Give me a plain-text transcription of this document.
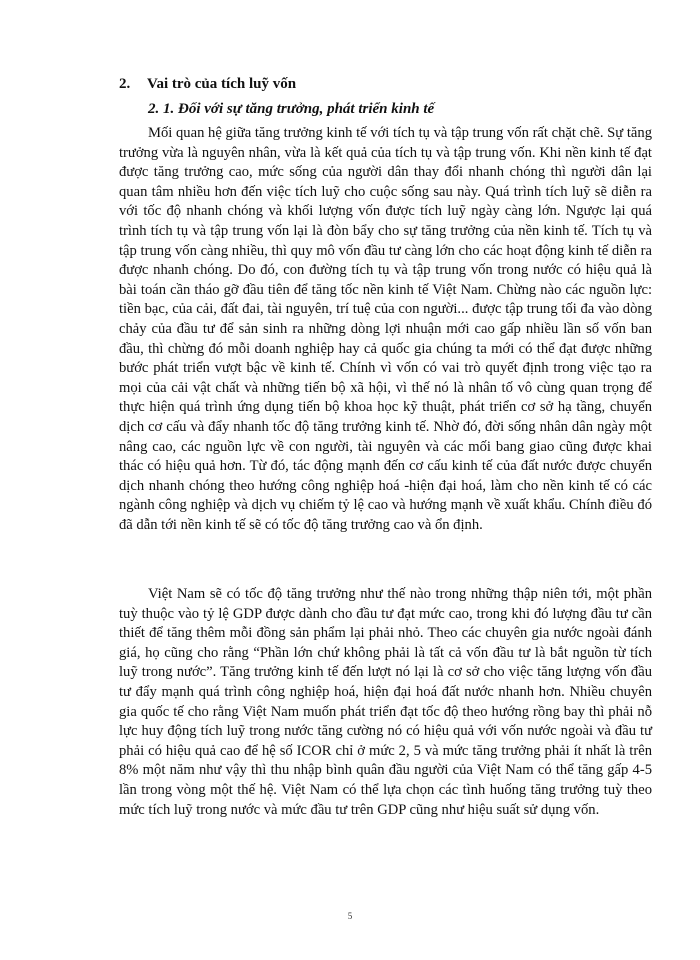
2. Vai trò của tích luỹ vốn
2. 1. Đối với sự tăng trưởng, phát triển kinh tế

Mối quan hệ giữa tăng trưởng kinh tế với tích tụ và tập trung vốn rất chặt chẽ. Sự tăng trưởng vừa là nguyên nhân, vừa là kết quả của tích tụ và tập trung vốn. Khi nền kinh tế đạt được tăng trưởng cao, mức sống của người dân thay đổi nhanh chóng thì người dân lại quan tâm nhiều hơn đến việc tích luỹ cho cuộc sống sau này. Quá trình tích luỹ sẽ diễn ra với tốc độ nhanh chóng và khối lượng vốn được tích luỹ ngày càng lớn. Ngược lại quá trình tích tụ và tập trung vốn lại là đòn bẩy cho sự tăng trưởng của nền kinh tế. Tích tụ và tập trung vốn càng nhiều, thì quy mô vốn đầu tư càng lớn cho các hoạt động kinh tế diễn ra được nhanh chóng. Do đó, con đường tích tụ và tập trung vốn trong nước có hiệu quả là bài toán cần tháo gỡ đầu tiên để tăng tốc nền kinh tế Việt Nam. Chừng nào các nguồn lực: tiền bạc, của cải, đất đai, tài nguyên, trí tuệ của con người... được tập trung tối đa vào dòng chảy của đầu tư để sản sinh ra những dòng lợi nhuận mới cao gấp nhiều lần số vốn ban đầu, thì chừng đó mỗi doanh nghiệp hay cả quốc gia chúng ta mới có thể đạt được những bước phát triển vượt bậc về kinh tế. Chính vì vốn có vai trò quyết định trong việc tạo ra mọi của cải vật chất và những tiến bộ xã hội, vì thế nó là nhân tố vô cùng quan trọng để thực hiện quá trình ứng dụng tiến bộ khoa học kỹ thuật, phát triển cơ sở hạ tầng, chuyển dịch cơ cấu và đẩy nhanh tốc độ tăng trưởng kinh tế. Nhờ đó, đời sống nhân dân ngày một nâng cao, các nguồn lực về con người, tài nguyên và các mối bang giao cũng được khai thác có hiệu quả hơn. Từ đó, tác động mạnh đến cơ cấu kinh tế của đất nước được chuyển dịch nhanh chóng theo hướng công nghiệp hoá -hiện đại hoá, làm cho nền kinh tế có các ngành công nghiệp và dịch vụ chiếm tỷ lệ cao và hướng mạnh về xuất khẩu. Chính điều đó đã dẫn tới nền kinh tế sẽ có tốc độ tăng trưởng cao và ổn định.

Việt Nam sẽ có tốc độ tăng trưởng như thế nào trong những thập niên tới, một phần tuỳ thuộc vào tỷ lệ GDP được dành cho đầu tư đạt mức cao, trong khi đó lượng đầu tư cần thiết để tăng thêm mỗi đồng sản phẩm lại phải nhỏ. Theo các chuyên gia nước ngoài đánh giá, họ cũng cho rằng “Phần lớn chứ không phải là tất cả vốn đầu tư là bắt nguồn từ tích luỹ trong nước”. Tăng trưởng kinh tế đến lượt nó lại là cơ sở cho việc tăng lượng vốn đầu tư đẩy mạnh quá trình công nghiệp hoá, hiện đại hoá đất nước nhanh hơn. Nhiều chuyên gia quốc tế cho rằng Việt Nam muốn phát triển đạt tốc độ theo hướng rồng bay thì phải nỗ lực huy động tích luỹ trong nước tăng cường nó có hiệu quả với vốn nước ngoài và đầu tư phải có hiệu quả cao để hệ số ICOR chỉ ở mức 2, 5 và mức tăng trưởng phải ít nhất là trên 8% một năm như vậy thì thu nhập bình quân đầu người của Việt Nam có thể tăng gấp 4-5 lần trong vòng một thế hệ. Việt Nam có thể lựa chọn các tình huống tăng trưởng tuỳ theo mức tích luỹ trong nước và mức đầu tư trên GDP cũng như hiệu suất sử dụng vốn.

5
